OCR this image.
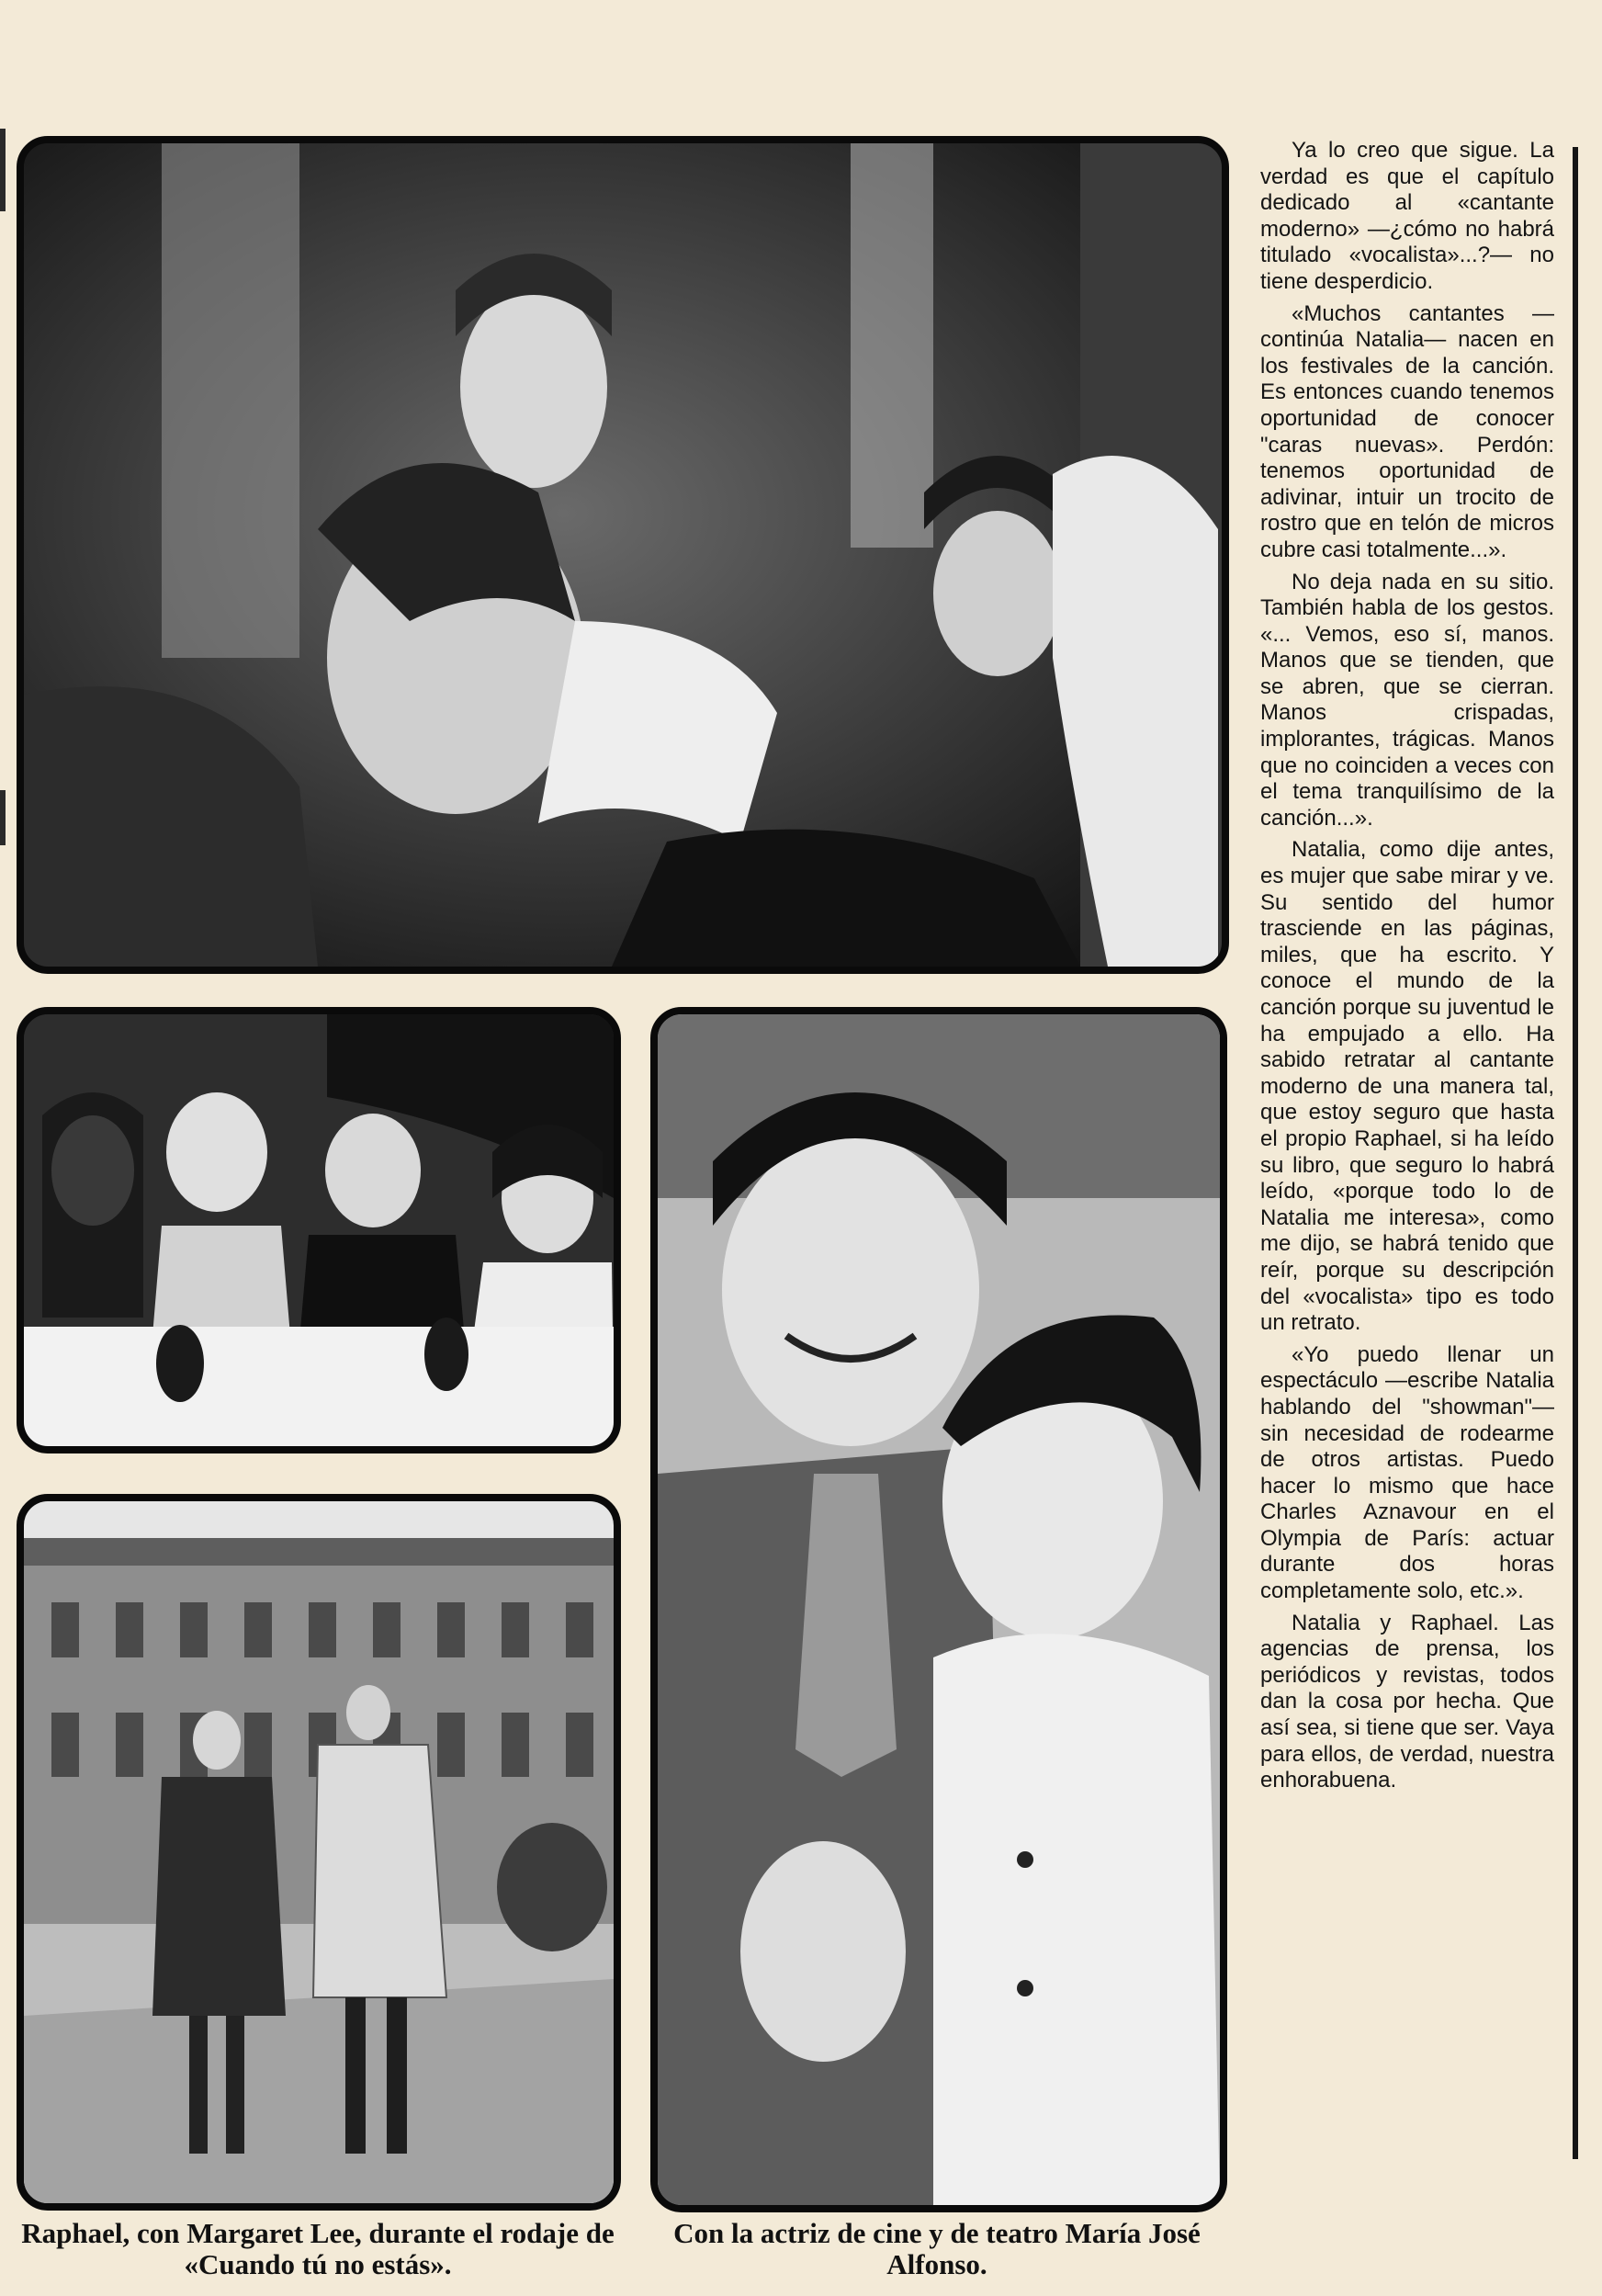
Raphael, con Margaret Lee, durante el rodaje de «Cuando tú no estás».
Con la actriz de cine y de teatro María José Alfonso.

Ya lo creo que sigue. La verdad es que el capítulo dedicado al «cantante moderno» —¿cómo no habrá titulado «vocalista»...?— no tiene desperdicio.

«Muchos cantantes —continúa Natalia— nacen en los festivales de la canción. Es entonces cuando tenemos oportunidad de conocer "caras nuevas». Perdón: tenemos oportunidad de adivinar, intuir un trocito de rostro que en telón de micros cubre casi totalmente...».

No deja nada en su sitio. También habla de los gestos. «... Vemos, eso sí, manos. Manos que se tienden, que se abren, que se cierran. Manos crispadas, implorantes, trágicas. Manos que no coinciden a veces con el tema tranquilísimo de la canción...».

Natalia, como dije antes, es mujer que sabe mirar y ve. Su sentido del humor trasciende en las páginas, miles, que ha escrito. Y conoce el mundo de la canción porque su juventud le ha empujado a ello. Ha sabido retratar al cantante moderno de una manera tal, que estoy seguro que hasta el propio Raphael, si ha leído su libro, que seguro lo habrá leído, «porque todo lo de Natalia me interesa», como me dijo, se habrá tenido que reír, porque su descripción del «vocalista» tipo es todo un retrato.

«Yo puedo llenar un espectáculo —escribe Natalia hablando del "showman"— sin necesidad de rodearme de otros artistas. Puedo hacer lo mismo que hace Charles Aznavour en el Olympia de París: actuar durante dos horas completamente solo, etc.».

Natalia y Raphael. Las agencias de prensa, los periódicos y revistas, todos dan la cosa por hecha. Que así sea, si tiene que ser. Vaya para ellos, de verdad, nuestra enhorabuena.
